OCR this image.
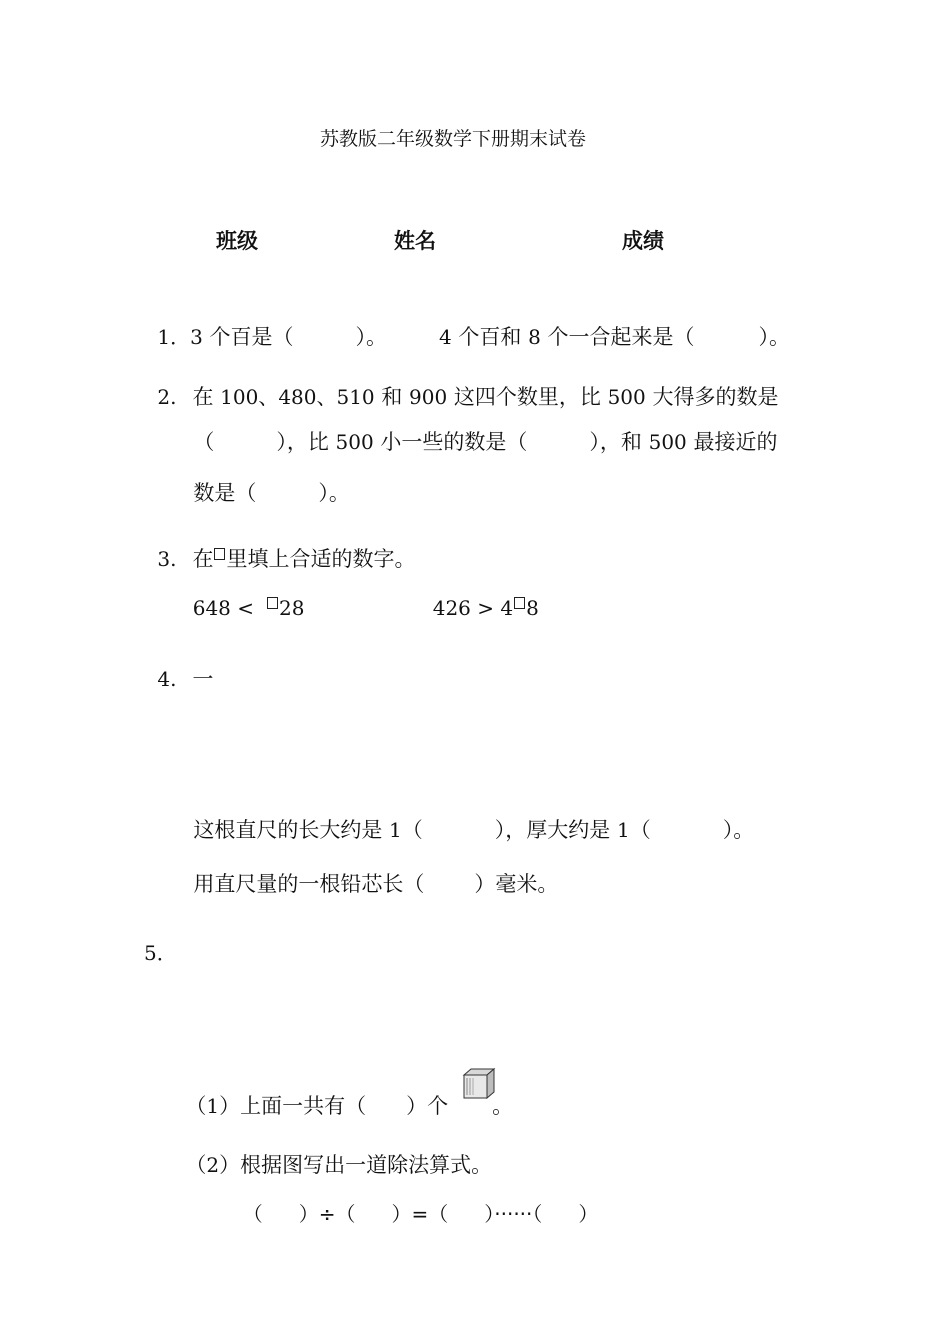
苏教版二年级数学下册期末试卷
班级	姓名	成绩

1．3 个百是（	）。	4 个百和 8 个一合起来是（	）。

2. 在 100、480、510 和 900 这四个数里，比 500 大得多的数是

（	），比 500 小一些的数是（	），和 500 最接近的

数是（	）。

3. 在 里填上合适的数字。

648 < 28	426 > 4 8

4. 一

这根直尺的长大约是 1（	），厚大约是 1（	）。

用直尺量的一根铅芯长（ ）毫米。

5．

（1）上面一共有（ ）个 。

（2）根据图写出一道除法算式。

（ ）÷（ ）=（ ）······（ ）
